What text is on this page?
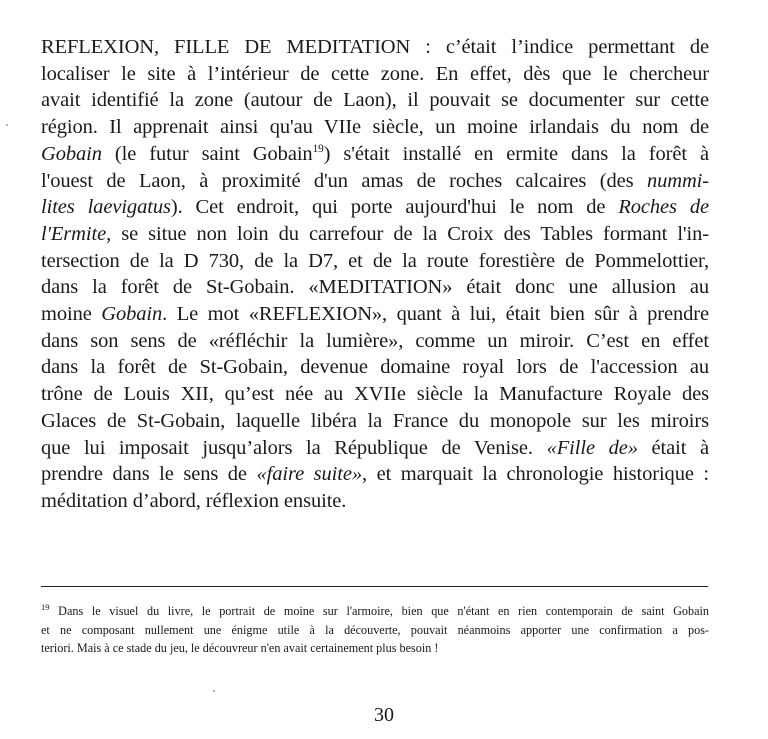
REFLEXION, FILLE DE MEDITATION : c’était l’indice permettant de
localiser le site à l’intérieur de cette zone. En effet, dès que le chercheur
avait identifié la zone (autour de Laon), il pouvait se documenter sur cette
région. Il apprenait ainsi qu'au VIIe siècle, un moine irlandais du nom de
Gobain (le futur saint Gobain$^{19}$) s'était installé en ermite dans la forêt à
l'ouest de Laon, à proximité d'un amas de roches calcaires (des nummi-
lites laevigatus). Cet endroit, qui porte aujourd'hui le nom de Roches de
l'Ermite, se situe non loin du carrefour de la Croix des Tables formant l'in-
tersection de la D 730, de la D7, et de la route forestière de Pommelottier,
dans la forêt de St-Gobain. «MEDITATION» était donc une allusion au
moine Gobain. Le mot «REFLEXION», quant à lui, était bien sûr à prendre
dans son sens de «réfléchir la lumière», comme un miroir. C’est en effet
dans la forêt de St-Gobain, devenue domaine royal lors de l'accession au
trône de Louis XII, qu’est née au XVIIe siècle la Manufacture Royale des
Glaces de St-Gobain, laquelle libéra la France du monopole sur les miroirs
que lui imposait jusqu’alors la République de Venise. «Fille de» était à
prendre dans le sens de «faire suite», et marquait la chronologie historique :
méditation d’abord, réflexion ensuite.
$^{19}$ Dans le visuel du livre, le portrait de moine sur l'armoire, bien que n'étant en rien contemporain de saint Gobain
et ne composant nullement une énigme utile à la découverte, pouvait néanmoins apporter une confirmation a pos-
teriori. Mais à ce stade du jeu, le découvreur n'en avait certainement plus besoin !
30
